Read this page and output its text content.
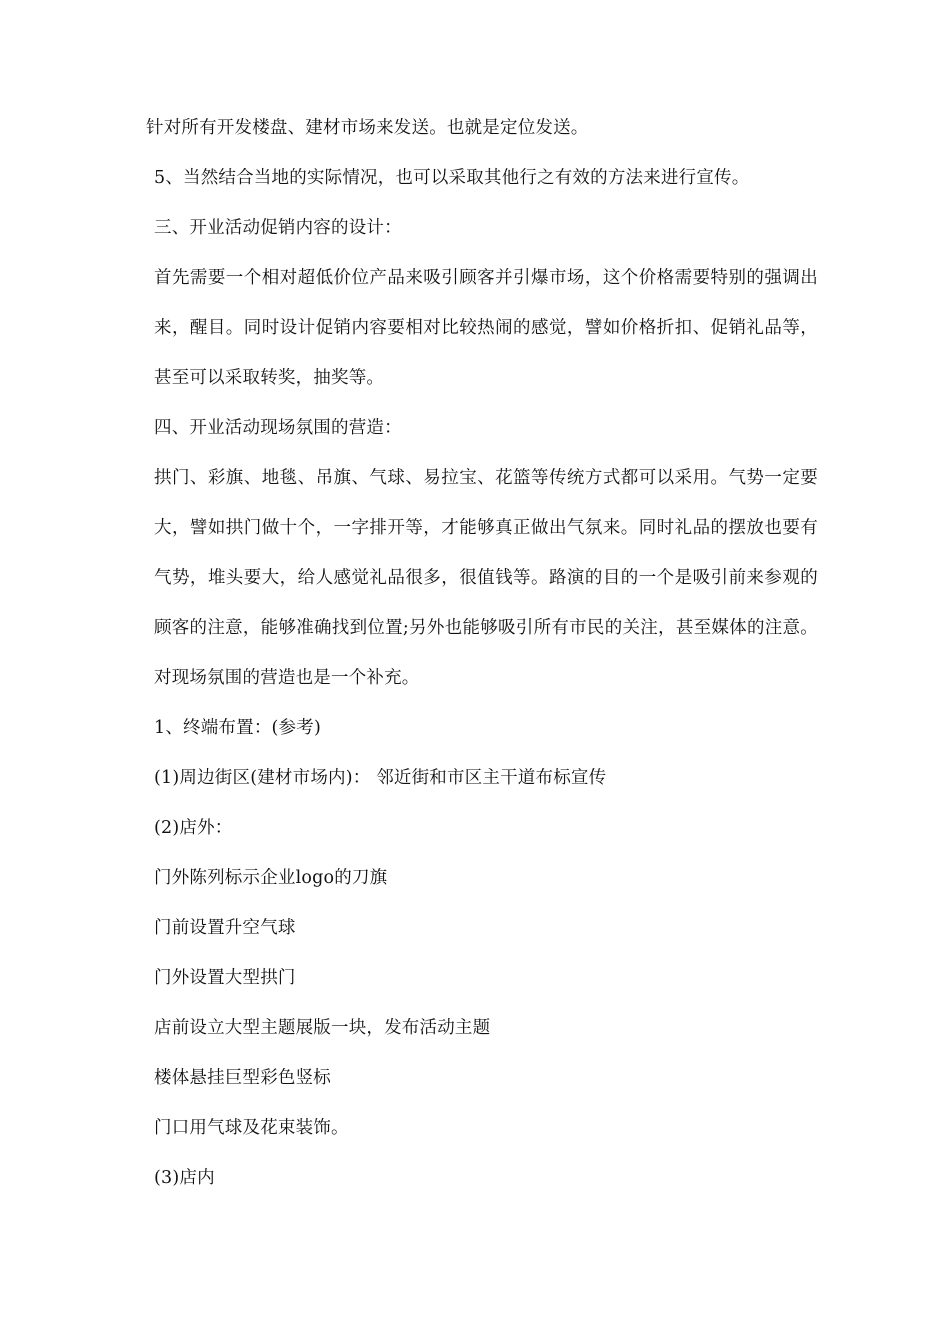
针对所有开发楼盘、建材市场来发送。也就是定位发送。

5、当然结合当地的实际情况，也可以采取其他行之有效的方法来进行宣传。

三、开业活动促销内容的设计：

首先需要一个相对超低价位产品来吸引顾客并引爆市场，这个价格需要特别的强调出来，醒目。同时设计促销内容要相对比较热闹的感觉，譬如价格折扣、促销礼品等，甚至可以采取转奖，抽奖等。

四、开业活动现场氛围的营造：

拱门、彩旗、地毯、吊旗、气球、易拉宝、花篮等传统方式都可以采用。气势一定要大，譬如拱门做十个，一字排开等，才能够真正做出气氛来。同时礼品的摆放也要有气势，堆头要大，给人感觉礼品很多，很值钱等。路演的目的一个是吸引前来参观的顾客的注意，能够准确找到位置;另外也能够吸引所有市民的关注，甚至媒体的注意。对现场氛围的营造也是一个补充。

1、终端布置：(参考)

(1)周边街区(建材市场内)： 邻近街和市区主干道布标宣传

(2)店外：

门外陈列标示企业logo的刀旗

门前设置升空气球

门外设置大型拱门

店前设立大型主题展版一块，发布活动主题

楼体悬挂巨型彩色竖标

门口用气球及花束装饰。

(3)店内
